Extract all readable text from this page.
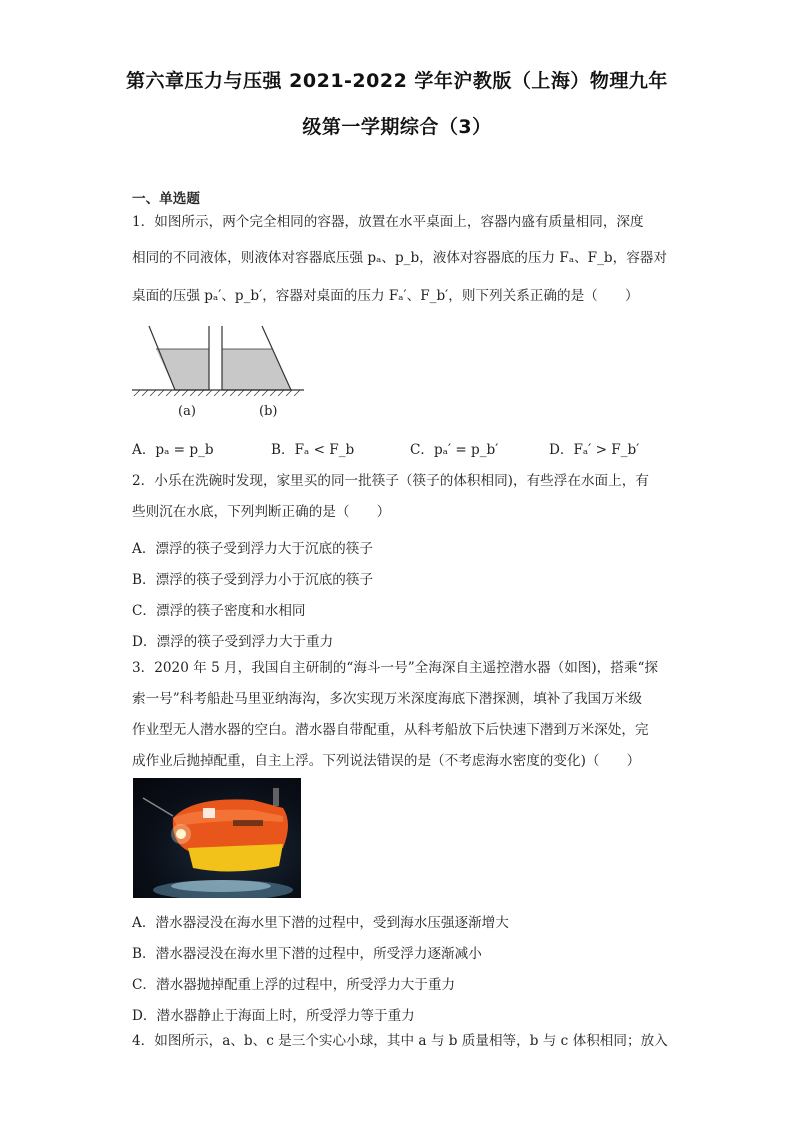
第六章压力与压强 2021-2022 学年沪教版（上海）物理九年
级第一学期综合（3）
一、单选题
1．如图所示，两个完全相同的容器，放置在水平桌面上，容器内盛有质量相同，深度
相同的不同液体，则液体对容器底压强 pₐ、p_b，液体对容器底的压力 Fₐ、F_b，容器对
桌面的压强 pₐ′、p_b′，容器对桌面的压力 Fₐ′、F_b′，则下列关系正确的是（　　）
(a)	(b)
A．pₐ = p_b	B．Fₐ < F_b	C．pₐ′ = p_b′	D．Fₐ′ > F_b′
2．小乐在洗碗时发现，家里买的同一批筷子（筷子的体积相同)，有些浮在水面上，有
些则沉在水底，下列判断正确的是（　　）
A．漂浮的筷子受到浮力大于沉底的筷子
B．漂浮的筷子受到浮力小于沉底的筷子
C．漂浮的筷子密度和水相同
D．漂浮的筷子受到浮力大于重力
3．2020 年 5 月，我国自主研制的“海斗一号”全海深自主遥控潜水器（如图)，搭乘“探
索一号”科考船赴马里亚纳海沟，多次实现万米深度海底下潜探测，填补了我国万米级
作业型无人潜水器的空白。潜水器自带配重，从科考船放下后快速下潜到万米深处，完
成作业后抛掉配重，自主上浮。下列说法错误的是（不考虑海水密度的变化)（　　）
A．潜水器浸没在海水里下潜的过程中，受到海水压强逐渐增大
B．潜水器浸没在海水里下潜的过程中，所受浮力逐渐减小
C．潜水器抛掉配重上浮的过程中，所受浮力大于重力
D．潜水器静止于海面上时，所受浮力等于重力
4．如图所示，a、b、c 是三个实心小球，其中 a 与 b 质量相等，b 与 c 体积相同；放入
